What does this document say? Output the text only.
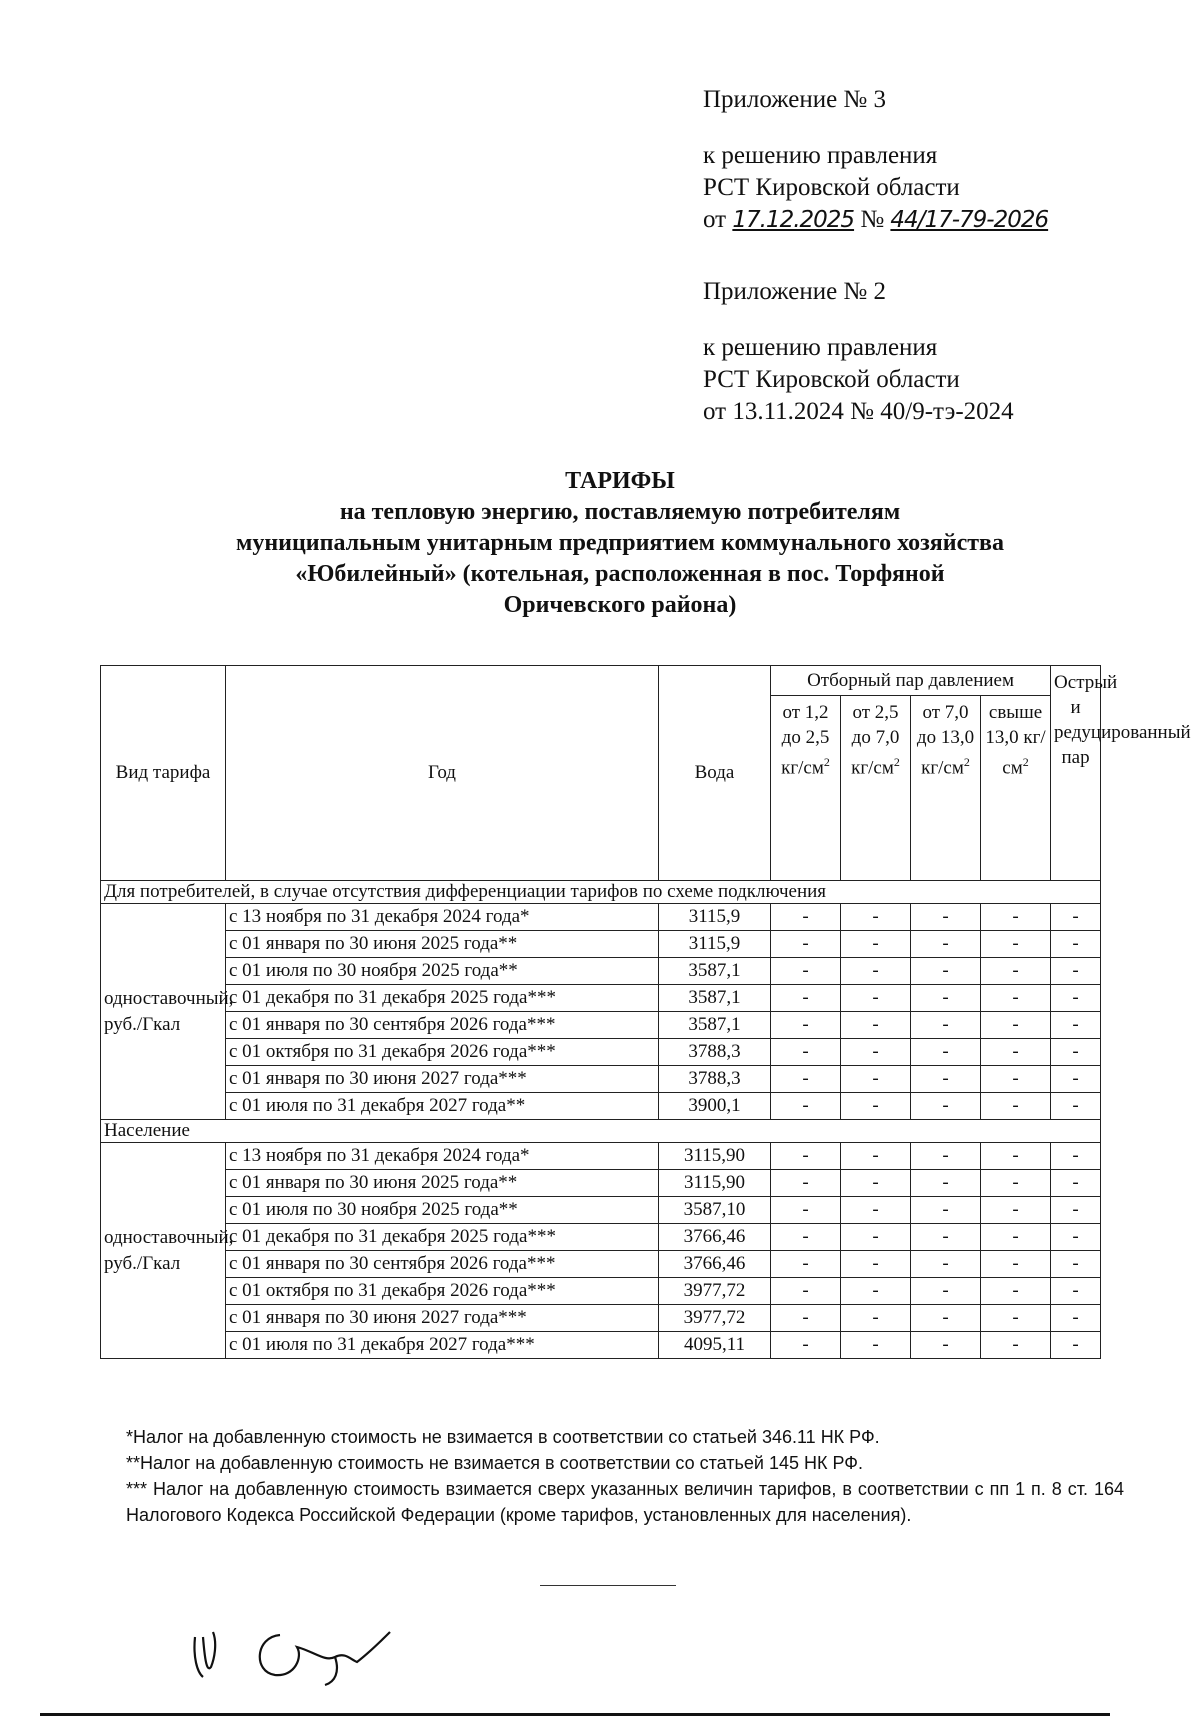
Приложение № 3
к решению правления
РСТ Кировской области
от 17.12.2025 № 44/17-79-2026
Приложение № 2
к решению правления
РСТ Кировской области
от 13.11.2024 № 40/9-тэ-2024
ТАРИФЫ
на тепловую энергию, поставляемую потребителям
муниципальным унитарным предприятием коммунального хозяйства
«Юбилейный» (котельная, расположенная в пос. Торфяной
Оричевского района)
Вид тарифа	Год	Вода	Отборный пар давлением				Острый и редуцированный пар
			от 1,2 до 2,5 $кг/см^2$	от 2,5 до 7,0 $кг/см^2$	от 7,0 до 13,0 $кг/см^2$	свыше 13,0 $кг/см^2$
Для потребителей, в случае отсутствия дифференциации тарифов по схеме подключения							
одноставочный, руб./Гкал	с 13 ноября по 31 декабря 2024 года*	3115,9	-	-	-	-	-
	с 01 января по 30 июня 2025 года**	3115,9	-	-	-	-	-
	с 01 июля по 30 ноября 2025 года**	3587,1	-	-	-	-	-
	с 01 декабря по 31 декабря 2025 года***	3587,1	-	-	-	-	-
	с 01 января по 30 сентября 2026 года***	3587,1	-	-	-	-	-
	с 01 октября по 31 декабря 2026 года***	3788,3	-	-	-	-	-
	с 01 января по 30 июня 2027 года***	3788,3	-	-	-	-	-
	с 01 июля по 31 декабря 2027 года**	3900,1	-	-	-	-	-
Население							
одноставочный, руб./Гкал	с 13 ноября по 31 декабря 2024 года*	3115,90	-	-	-	-	-
	с 01 января по 30 июня 2025 года**	3115,90	-	-	-	-	-
	с 01 июля по 30 ноября 2025 года**	3587,10	-	-	-	-	-
	с 01 декабря по 31 декабря 2025 года***	3766,46	-	-	-	-	-
	с 01 января по 30 сентября 2026 года***	3766,46	-	-	-	-	-
	с 01 октября по 31 декабря 2026 года***	3977,72	-	-	-	-	-
	с 01 января по 30 июня 2027 года***	3977,72	-	-	-	-	-
	с 01 июля по 31 декабря 2027 года***	4095,11	-	-	-	-	-

*Налог на добавленную стоимость не взимается в соответствии со статьей 346.11 НК РФ.

**Налог на добавленную стоимость не взимается в соответствии со статьей 145 НК РФ.

*** Налог на добавленную стоимость взимается сверх указанных величин тарифов, в соответствии с пп 1 п. 8 ст. 164 Налогового Кодекса Российской Федерации (кроме тарифов, установленных для населения).
